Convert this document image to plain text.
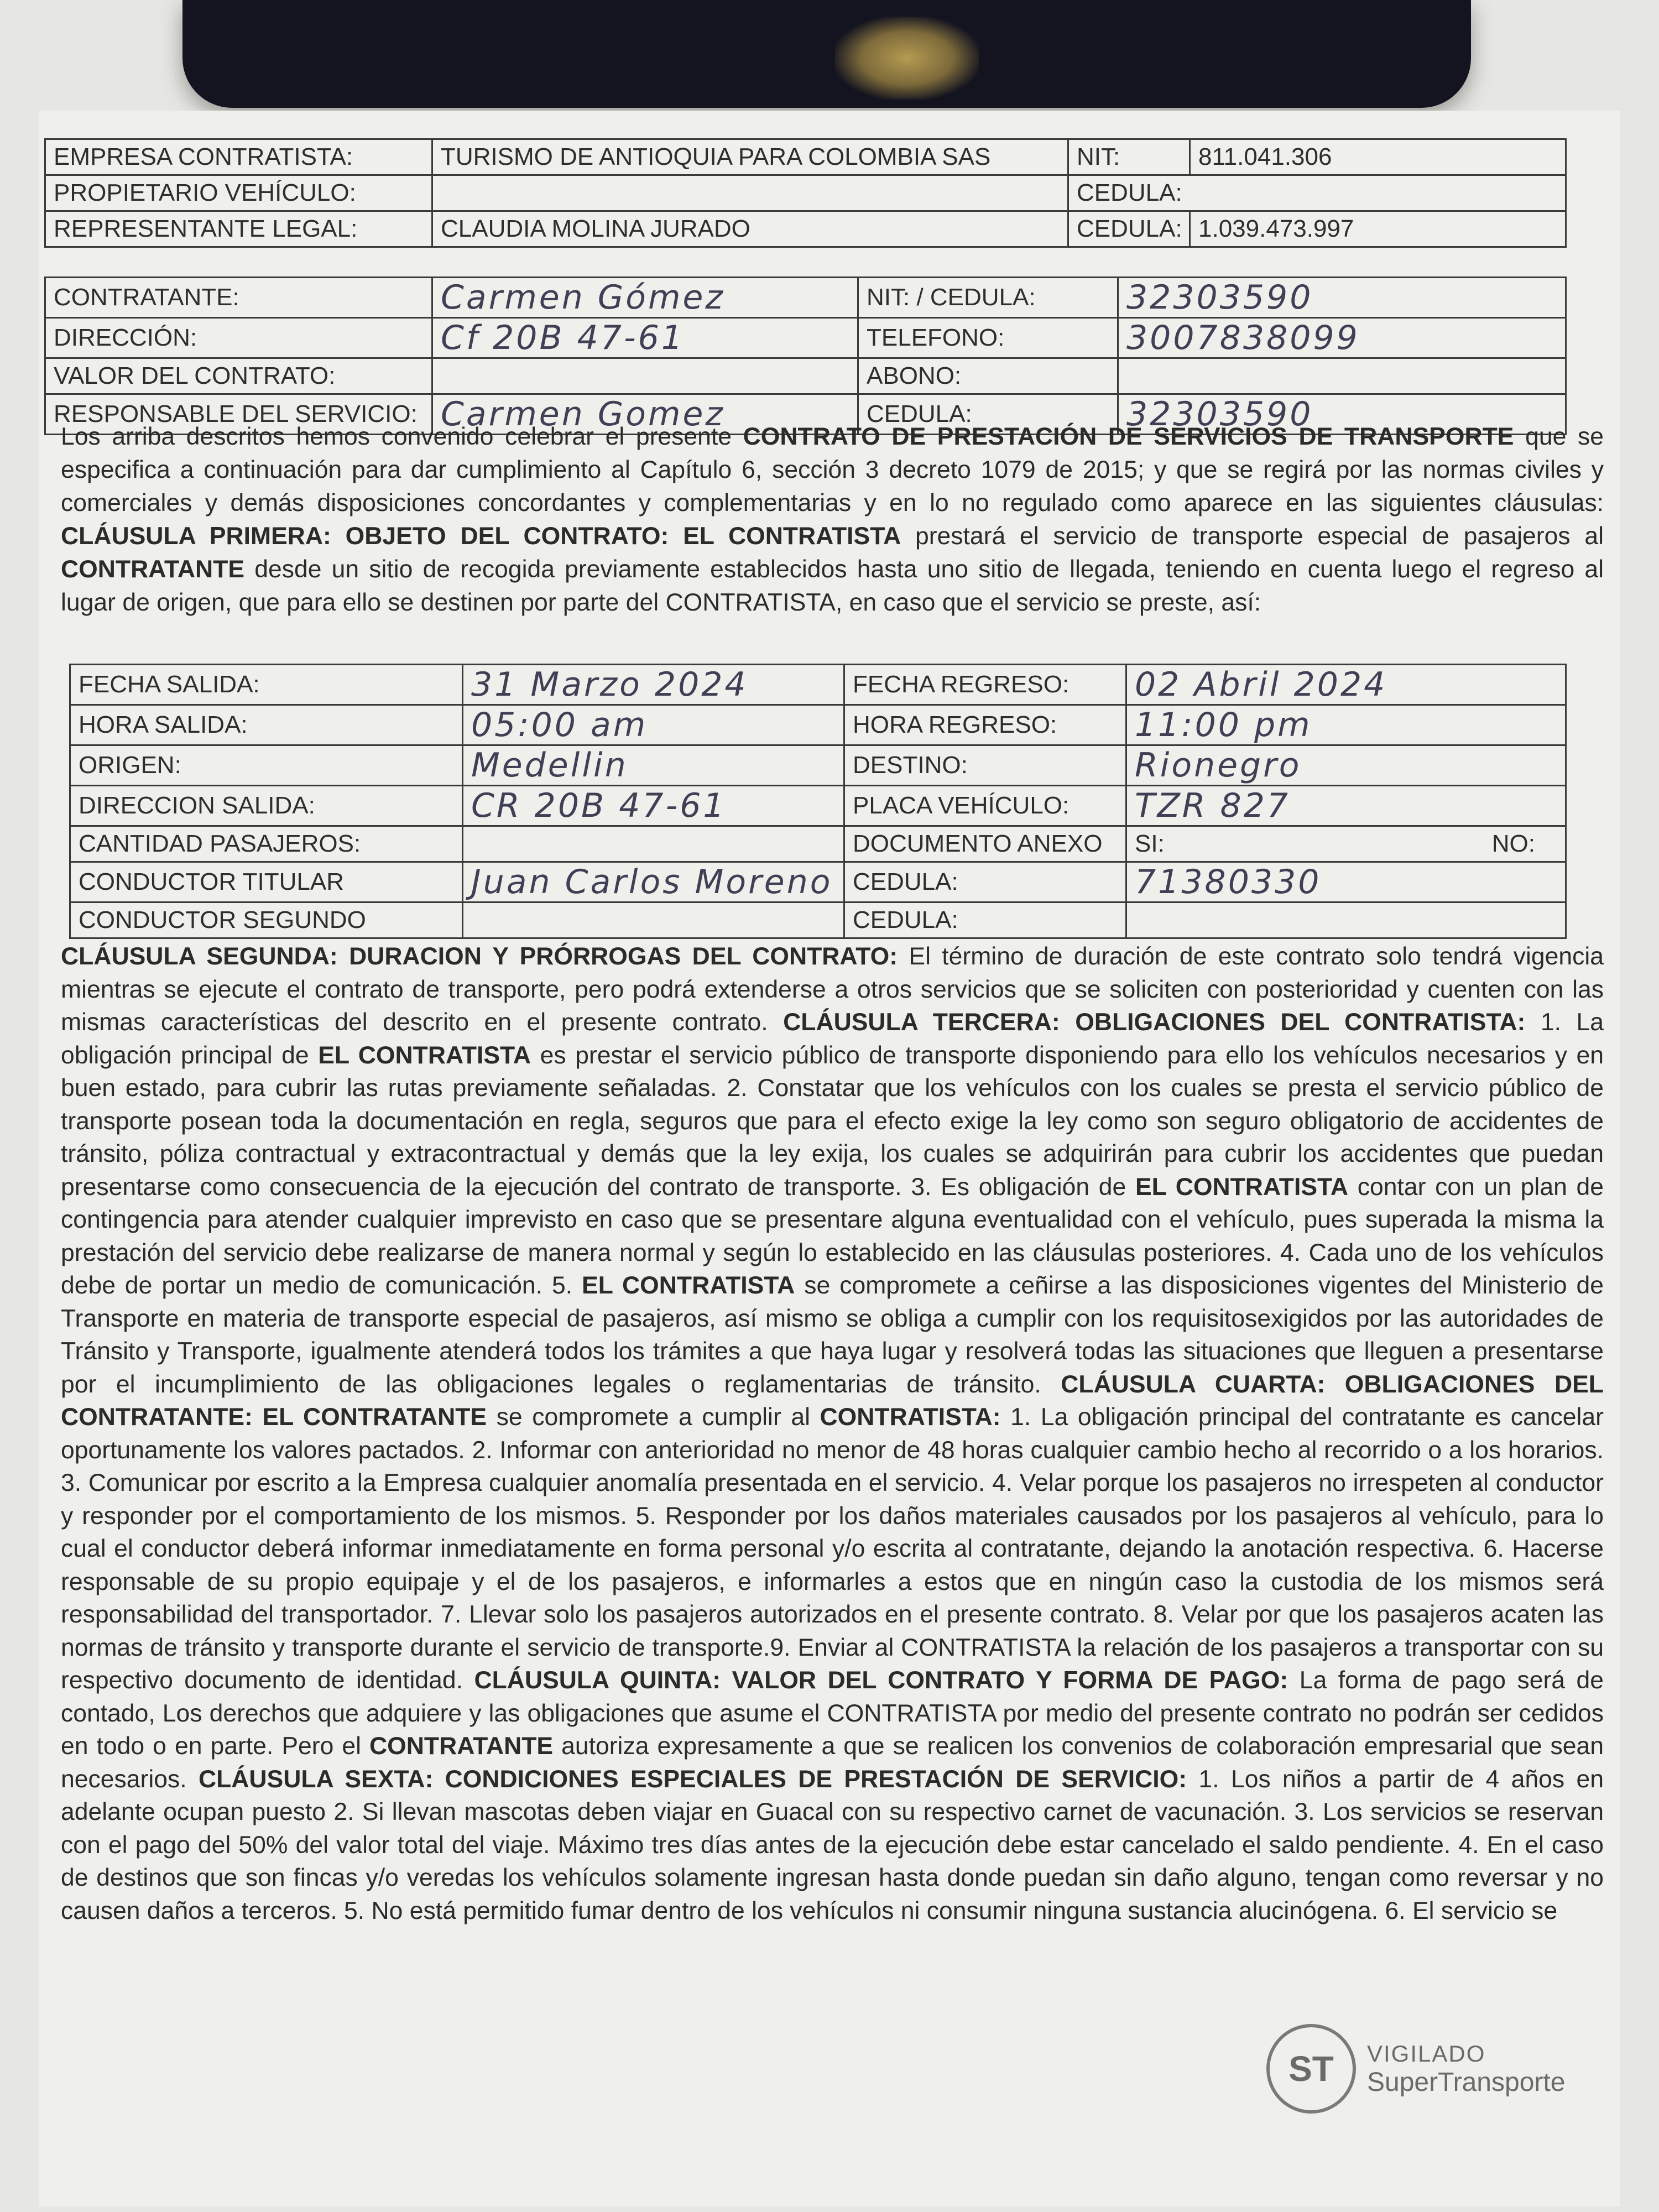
EMPRESA CONTRATISTA:	TURISMO DE ANTIOQUIA PARA COLOMBIA SAS	NIT:	811.041.306
PROPIETARIO VEHÍCULO:		CEDULA:	
REPRESENTANTE LEGAL:	CLAUDIA MOLINA JURADO	CEDULA:	1.039.473.997
CONTRATANTE:	Carmen Gómez	NIT: / CEDULA:	32303590
DIRECCIÓN:	Cf 20B 47-61	TELEFONO:	3007838099
VALOR DEL CONTRATO:		ABONO:	
RESPONSABLE DEL SERVICIO:	Carmen Gomez	CEDULA:	32303590
Los arriba descritos hemos convenido celebrar el presente CONTRATO DE PRESTACIÓN DE SERVICIOS DE TRANSPORTE que se especifica a continuación para dar cumplimiento al Capítulo 6, sección 3 decreto 1079 de 2015; y que se regirá por las normas civiles y comerciales y demás disposiciones concordantes y complementarias y en lo no regulado como aparece en las siguientes cláusulas: CLÁUSULA PRIMERA: OBJETO DEL CONTRATO: EL CONTRATISTA prestará el servicio de transporte especial de pasajeros al CONTRATANTE desde un sitio de recogida previamente establecidos hasta uno sitio de llegada, teniendo en cuenta luego el regreso al lugar de origen, que para ello se destinen por parte del CONTRATISTA, en caso que el servicio se preste, así:
FECHA SALIDA:	31 Marzo 2024	FECHA REGRESO:	02 Abril 2024
HORA SALIDA:	05:00 am	HORA REGRESO:	11:00 pm
ORIGEN:	Medellin	DESTINO:	Rionegro
DIRECCION SALIDA:	CR 20B 47-61	PLACA VEHÍCULO:	TZR 827
CANTIDAD PASAJEROS:		DOCUMENTO ANEXO	SI: NO:

CONDUCTOR TITULAR	Juan Carlos Moreno	CEDULA:	71380330
CONDUCTOR SEGUNDO		CEDULA:	
CLÁUSULA SEGUNDA: DURACION Y PRÓRROGAS DEL CONTRATO: El término de duración de este contrato solo tendrá vigencia mientras se ejecute el contrato de transporte, pero podrá extenderse a otros servicios que se soliciten con posterioridad y cuenten con las mismas características del descrito en el presente contrato. CLÁUSULA TERCERA: OBLIGACIONES DEL CONTRATISTA: 1. La obligación principal de EL CONTRATISTA es prestar el servicio público de transporte disponiendo para ello los vehículos necesarios y en buen estado, para cubrir las rutas previamente señaladas. 2. Constatar que los vehículos con los cuales se presta el servicio público de transporte posean toda la documentación en regla, seguros que para el efecto exige la ley como son seguro obligatorio de accidentes de tránsito, póliza contractual y extracontractual y demás que la ley exija, los cuales se adquirirán para cubrir los accidentes que puedan presentarse como consecuencia de la ejecución del contrato de transporte. 3. Es obligación de EL CONTRATISTA contar con un plan de contingencia para atender cualquier imprevisto en caso que se presentare alguna eventualidad con el vehículo, pues superada la misma la prestación del servicio debe realizarse de manera normal y según lo establecido en las cláusulas posteriores. 4. Cada uno de los vehículos debe de portar un medio de comunicación. 5. EL CONTRATISTA se compromete a ceñirse a las disposiciones vigentes del Ministerio de Transporte en materia de transporte especial de pasajeros, así mismo se obliga a cumplir con los requisitosexigidos por las autoridades de Tránsito y Transporte, igualmente atenderá todos los trámites a que haya lugar y resolverá todas las situaciones que lleguen a presentarse por el incumplimiento de las obligaciones legales o reglamentarias de tránsito. CLÁUSULA CUARTA: OBLIGACIONES DEL CONTRATANTE: EL CONTRATANTE se compromete a cumplir al CONTRATISTA: 1. La obligación principal del contratante es cancelar oportunamente los valores pactados. 2. Informar con anterioridad no menor de 48 horas cualquier cambio hecho al recorrido o a los horarios. 3. Comunicar por escrito a la Empresa cualquier anomalía presentada en el servicio. 4. Velar porque los pasajeros no irrespeten al conductor y responder por el comportamiento de los mismos. 5. Responder por los daños materiales causados por los pasajeros al vehículo, para lo cual el conductor deberá informar inmediatamente en forma personal y/o escrita al contratante, dejando la anotación respectiva. 6. Hacerse responsable de su propio equipaje y el de los pasajeros, e informarles a estos que en ningún caso la custodia de los mismos será responsabilidad del transportador. 7. Llevar solo los pasajeros autorizados en el presente contrato. 8. Velar por que los pasajeros acaten las normas de tránsito y transporte durante el servicio de transporte.9. Enviar al CONTRATISTA la relación de los pasajeros a transportar con su respectivo documento de identidad. CLÁUSULA QUINTA: VALOR DEL CONTRATO Y FORMA DE PAGO: La forma de pago será de contado, Los derechos que adquiere y las obligaciones que asume el CONTRATISTA por medio del presente contrato no podrán ser cedidos en todo o en parte. Pero el CONTRATANTE autoriza expresamente a que se realicen los convenios de colaboración empresarial que sean necesarios. CLÁUSULA SEXTA: CONDICIONES ESPECIALES DE PRESTACIÓN DE SERVICIO: 1. Los niños a partir de 4 años en adelante ocupan puesto 2. Si llevan mascotas deben viajar en Guacal con su respectivo carnet de vacunación. 3. Los servicios se reservan con el pago del 50% del valor total del viaje. Máximo tres días antes de la ejecución debe estar cancelado el saldo pendiente. 4. En el caso de destinos que son fincas y/o veredas los vehículos solamente ingresan hasta donde puedan sin daño alguno, tengan como reversar y no causen daños a terceros. 5. No está permitido fumar dentro de los vehículos ni consumir ninguna sustancia alucinógena. 6. El servicio se
ST	VIGILADO
SuperTransporte
